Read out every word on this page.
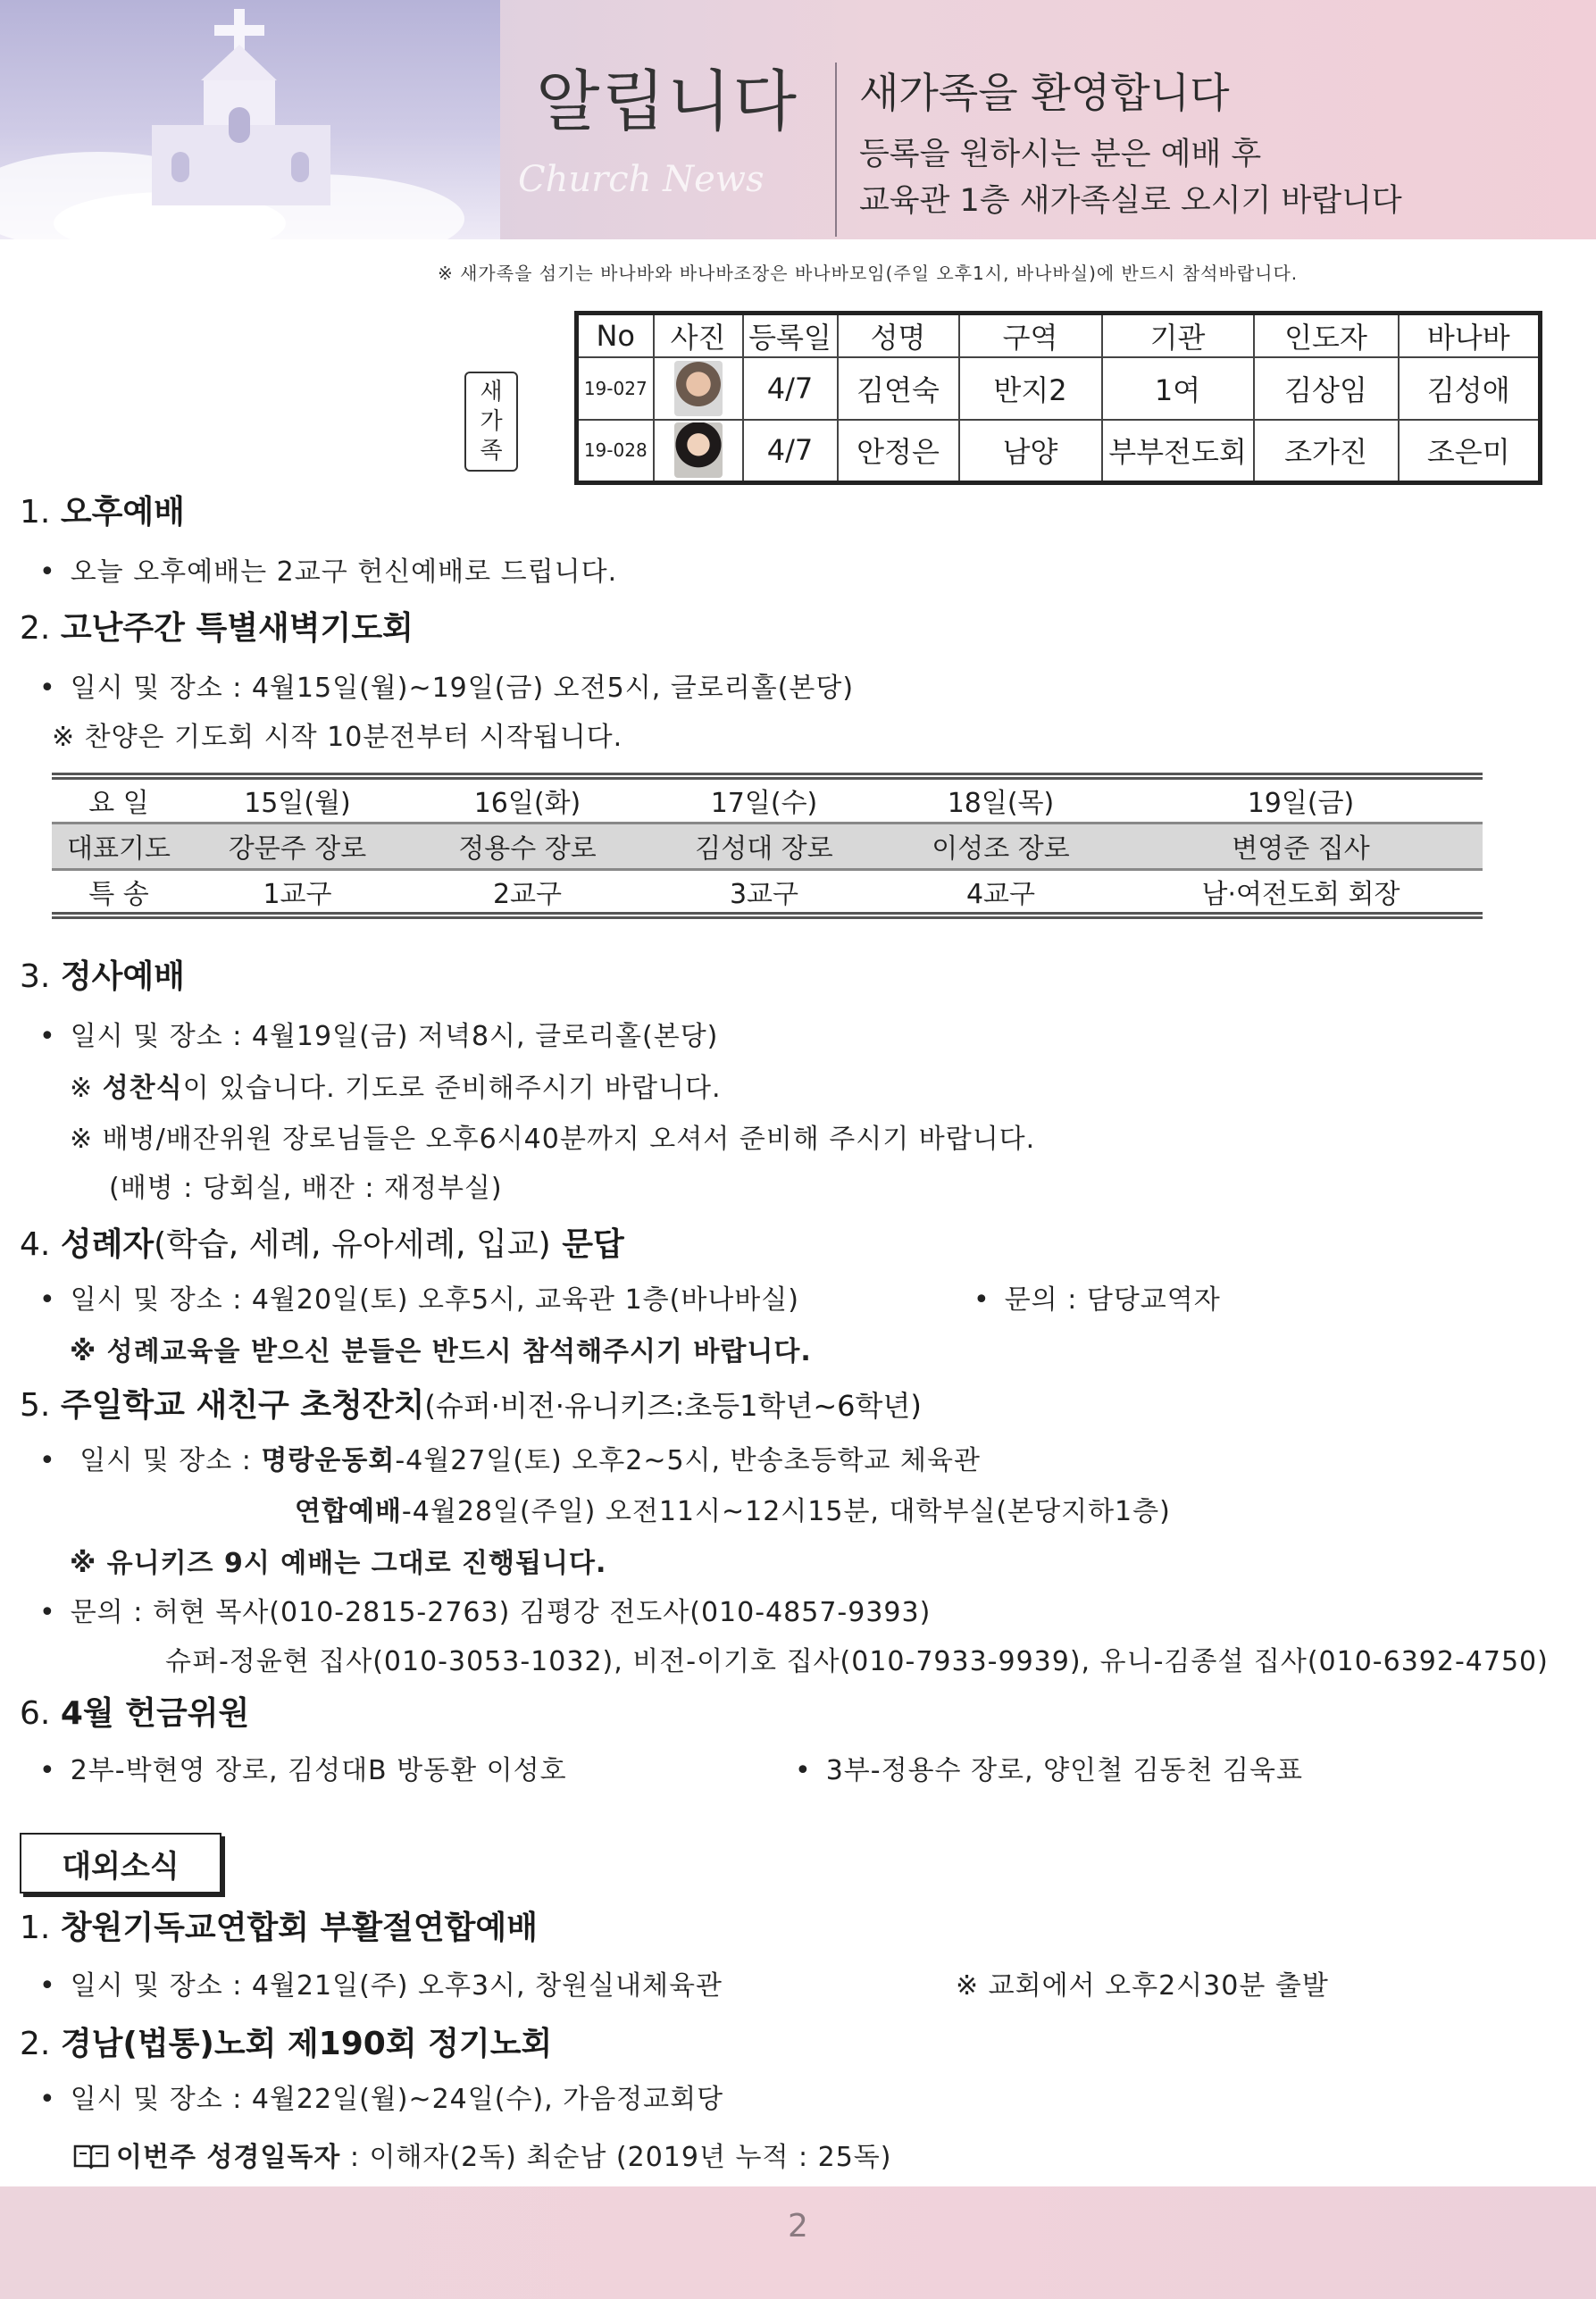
알립니다
Church News
새가족을 환영합니다
등록을 원하시는 분은 예배 후
교육관 1층 새가족실로 오시기 바랍니다
※ 새가족을 섬기는 바나바와 바나바조장은 바나바모임(주일 오후1시, 바나바실)에 반드시 참석바랍니다.
새
가
족
No	사진	등록일	성명	구역	기관	인도자	바나바
19-027		4/7	김연숙	반지2	1여	김상임	김성애
19-028		4/7	안정은	남양	부부전도회	조가진	조은미
1. 오후예배
• 오늘 오후예배는 2교구 헌신예배로 드립니다.
2. 고난주간 특별새벽기도회
• 일시 및 장소 : 4월15일(월)~19일(금) 오전5시, 글로리홀(본당)
※ 찬양은 기도회 시작 10분전부터 시작됩니다.
요 일	15일(월)	16일(화)	17일(수)	18일(목)	19일(금)
대표기도	강문주 장로	정용수 장로	김성대 장로	이성조 장로	변영준 집사
특 송	1교구	2교구	3교구	4교구	남·여전도회 회장
3. 정사예배
• 일시 및 장소 : 4월19일(금) 저녁8시, 글로리홀(본당)
※ 성찬식이 있습니다. 기도로 준비해주시기 바랍니다.
※ 배병/배잔위원 장로님들은 오후6시40분까지 오셔서 준비해 주시기 바랍니다.
(배병 : 당회실, 배잔 : 재정부실)
4. 성례자(학습, 세례, 유아세례, 입교) 문답
• 일시 및 장소 : 4월20일(토) 오후5시, 교육관 1층(바나바실)	• 문의 : 담당교역자
※ 성례교육을 받으신 분들은 반드시 참석해주시기 바랍니다.
5. 주일학교 새친구 초청잔치(슈퍼·비전·유니키즈:초등1학년~6학년)
• 일시 및 장소 : 명랑운동회-4월27일(토) 오후2~5시, 반송초등학교 체육관
연합예배-4월28일(주일) 오전11시~12시15분, 대학부실(본당지하1층)
※ 유니키즈 9시 예배는 그대로 진행됩니다.
• 문의 : 허현 목사(010-2815-2763) 김평강 전도사(010-4857-9393)
슈퍼-정윤현 집사(010-3053-1032), 비전-이기호 집사(010-7933-9939), 유니-김종설 집사(010-6392-4750)
6. 4월 헌금위원
• 2부-박현영 장로, 김성대B 방동환 이성호	• 3부-정용수 장로, 양인철 김동천 김욱표
대외소식
1. 창원기독교연합회 부활절연합예배
• 일시 및 장소 : 4월21일(주) 오후3시, 창원실내체육관	※ 교회에서 오후2시30분 출발
2. 경남(법통)노회 제190회 정기노회
• 일시 및 장소 : 4월22일(월)~24일(수), 가음정교회당
이번주 성경일독자 : 이해자(2독) 최순남 (2019년 누적 : 25독)
2
